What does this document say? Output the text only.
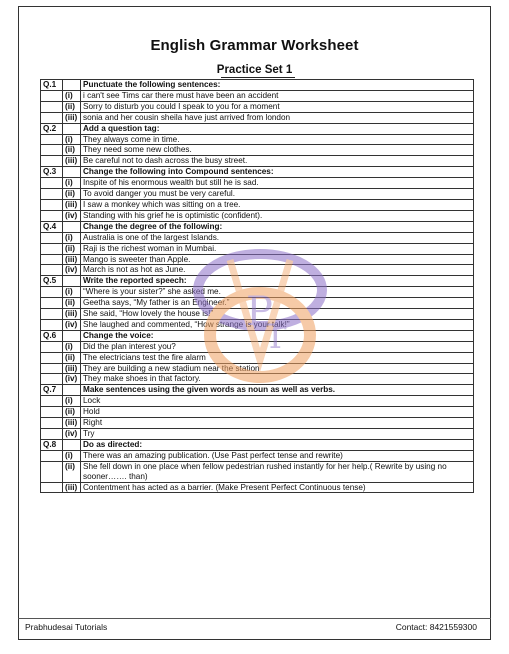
English Grammar Worksheet
Practice Set 1
Q.1		Punctuate the following sentences:
	(i)	i can't see Tims car there must have been an accident
	(ii)	Sorry to disturb you could I speak to you for a moment
	(iii)	sonia and her cousin sheila have just arrived from london
Q.2		Add a question tag:
	(i)	They always come in time.
	(ii)	They need some new clothes.
	(iii)	Be careful not to dash across the busy street.
Q.3		Change the following into Compound sentences:
	(i)	Inspite of his enormous wealth but still he is sad.
	(ii)	To avoid danger you must be very careful.
	(iii)	I saw a monkey which was sitting on a tree.
	(iv)	Standing with his grief he is optimistic (confident).
Q.4		Change the degree of the following:
	(i)	Australia is one of the largest Islands.
	(ii)	Raji is the richest woman in Mumbai.
	(iii)	Mango is sweeter than Apple.
	(iv)	March is not as hot as June.
Q.5		Write the reported speech:
	(i)	“Where is your sister?” she asked me.
	(ii)	Geetha says, “My father is an Engineer.”
	(iii)	She said, “How lovely the house is!”
	(iv)	She laughed and commented, “How strange is your talk!”
Q.6		Change the voice:
	(i)	Did the plan interest you?
	(ii)	The electricians test the fire alarm
	(iii)	They are building a new stadium near the station
	(iv)	They make shoes in that factory.
Q.7		Make sentences using the given words as noun as well as verbs.
	(i)	Lock
	(ii)	Hold
	(iii)	Right
	(iv)	Try
Q.8		Do as directed:
	(i)	There was an amazing publication. (Use Past perfect tense and rewrite)
	(ii)	She fell down in one place when fellow pedestrian rushed instantly for her help.( Rewrite by using no sooner……. than)
	(iii)	Contentment has acted as a barrier. (Make Present Perfect Continuous tense)
P
T
Prabhudesai Tutorials	Contact: 8421559300
